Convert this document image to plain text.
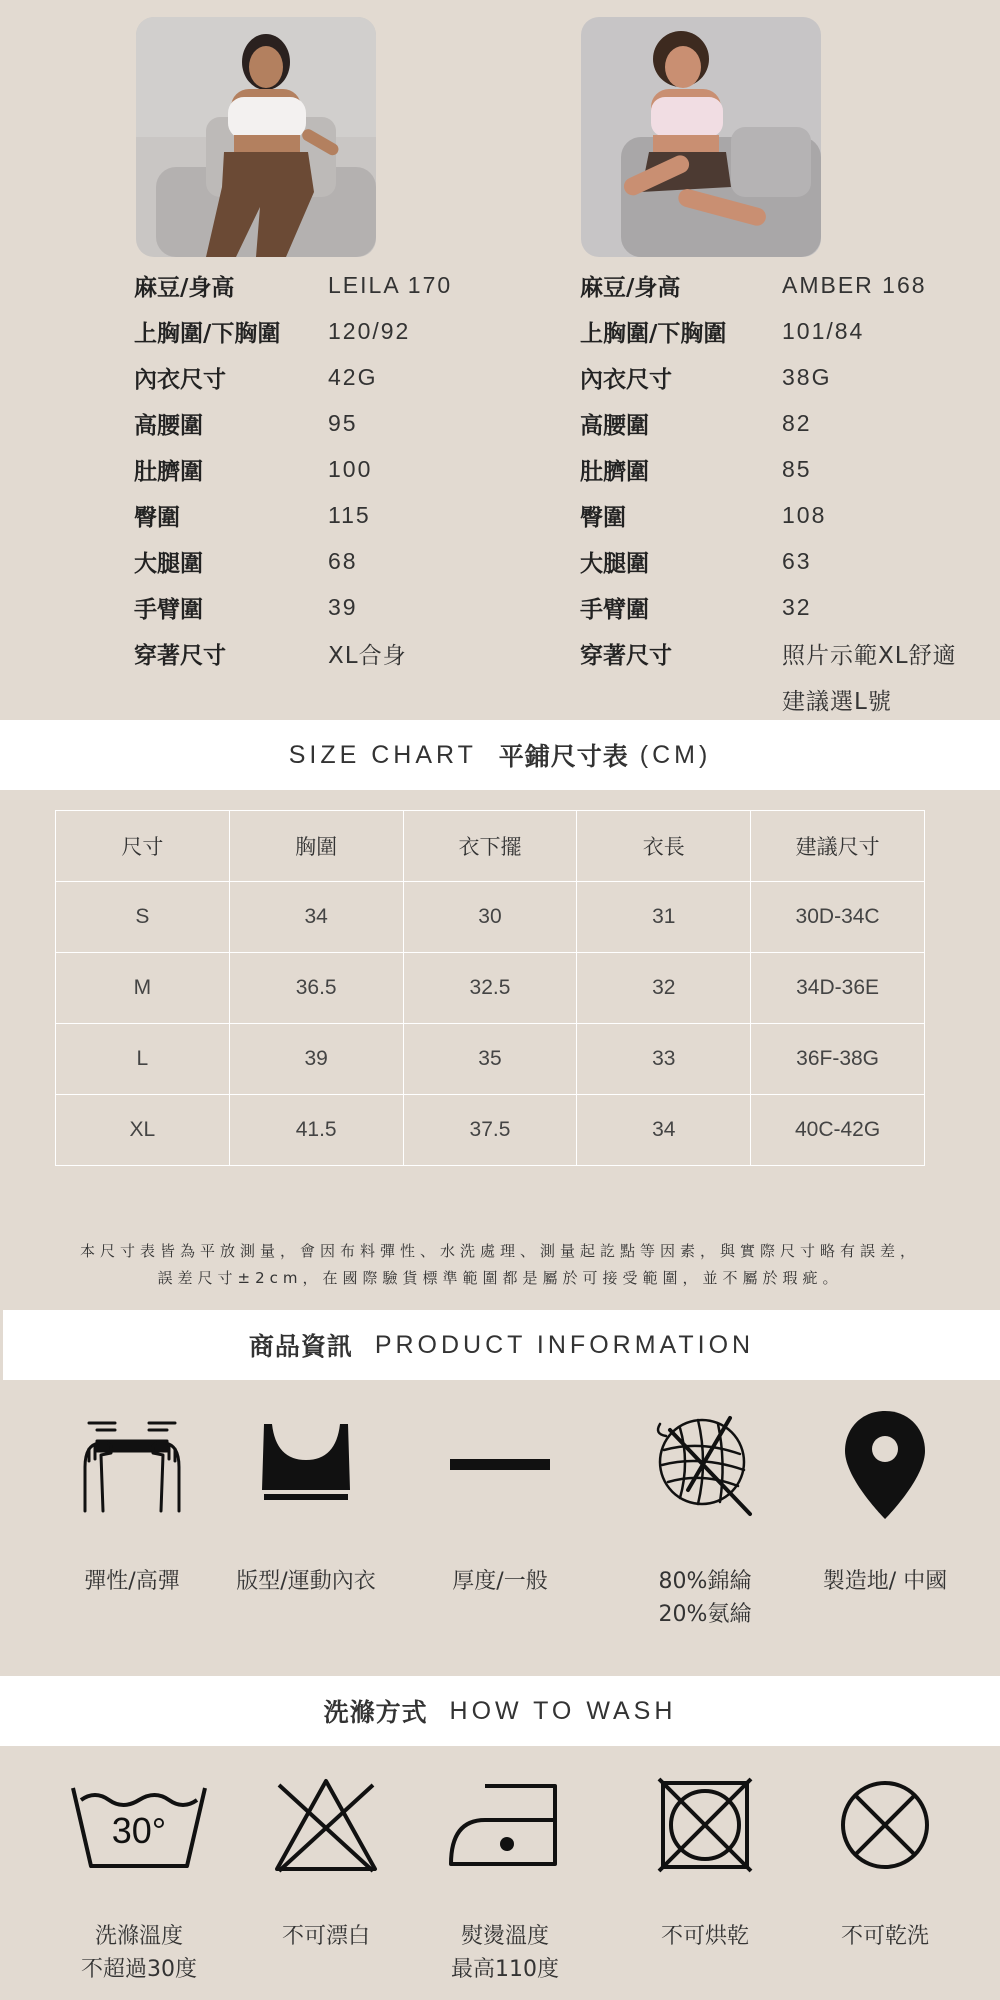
麻豆/身高	LEILA 170
上胸圍/下胸圍	120/92
內衣尺寸	42G
高腰圍	95
肚臍圍	100
臀圍	115
大腿圍	68
手臂圍	39
穿著尺寸	XL合身
麻豆/身高	AMBER 168
上胸圍/下胸圍	101/84
內衣尺寸	38G
高腰圍	82
肚臍圍	85
臀圍	108
大腿圍	63
手臂圍	32
穿著尺寸	照片示範XL舒適
建議選L號
SIZE CHART
平鋪尺寸表
(CM)
尺寸	胸圍	衣下擺	衣長	建議尺寸
S	34	30	31	30D-34C
M	36.5	32.5	32	34D-36E
L	39	35	33	36F-38G
XL	41.5	37.5	34	40C-42G
本尺寸表皆為平放測量，會因布料彈性、水洗處理、測量起訖點等因素，與實際尺寸略有誤差，
誤差尺寸±2cm，在國際驗貨標準範圍都是屬於可接受範圍，並不屬於瑕疵。
商品資訊
PRODUCT INFORMATION
彈性/高彈	版型/運動內衣	厚度/一般	80%錦綸
20%氨綸
製造地/ 中國
洗滌方式
HOW TO WASH
30°
洗滌溫度
不超過30度
不可漂白	熨燙溫度
最高110度
不可烘乾	不可乾洗
